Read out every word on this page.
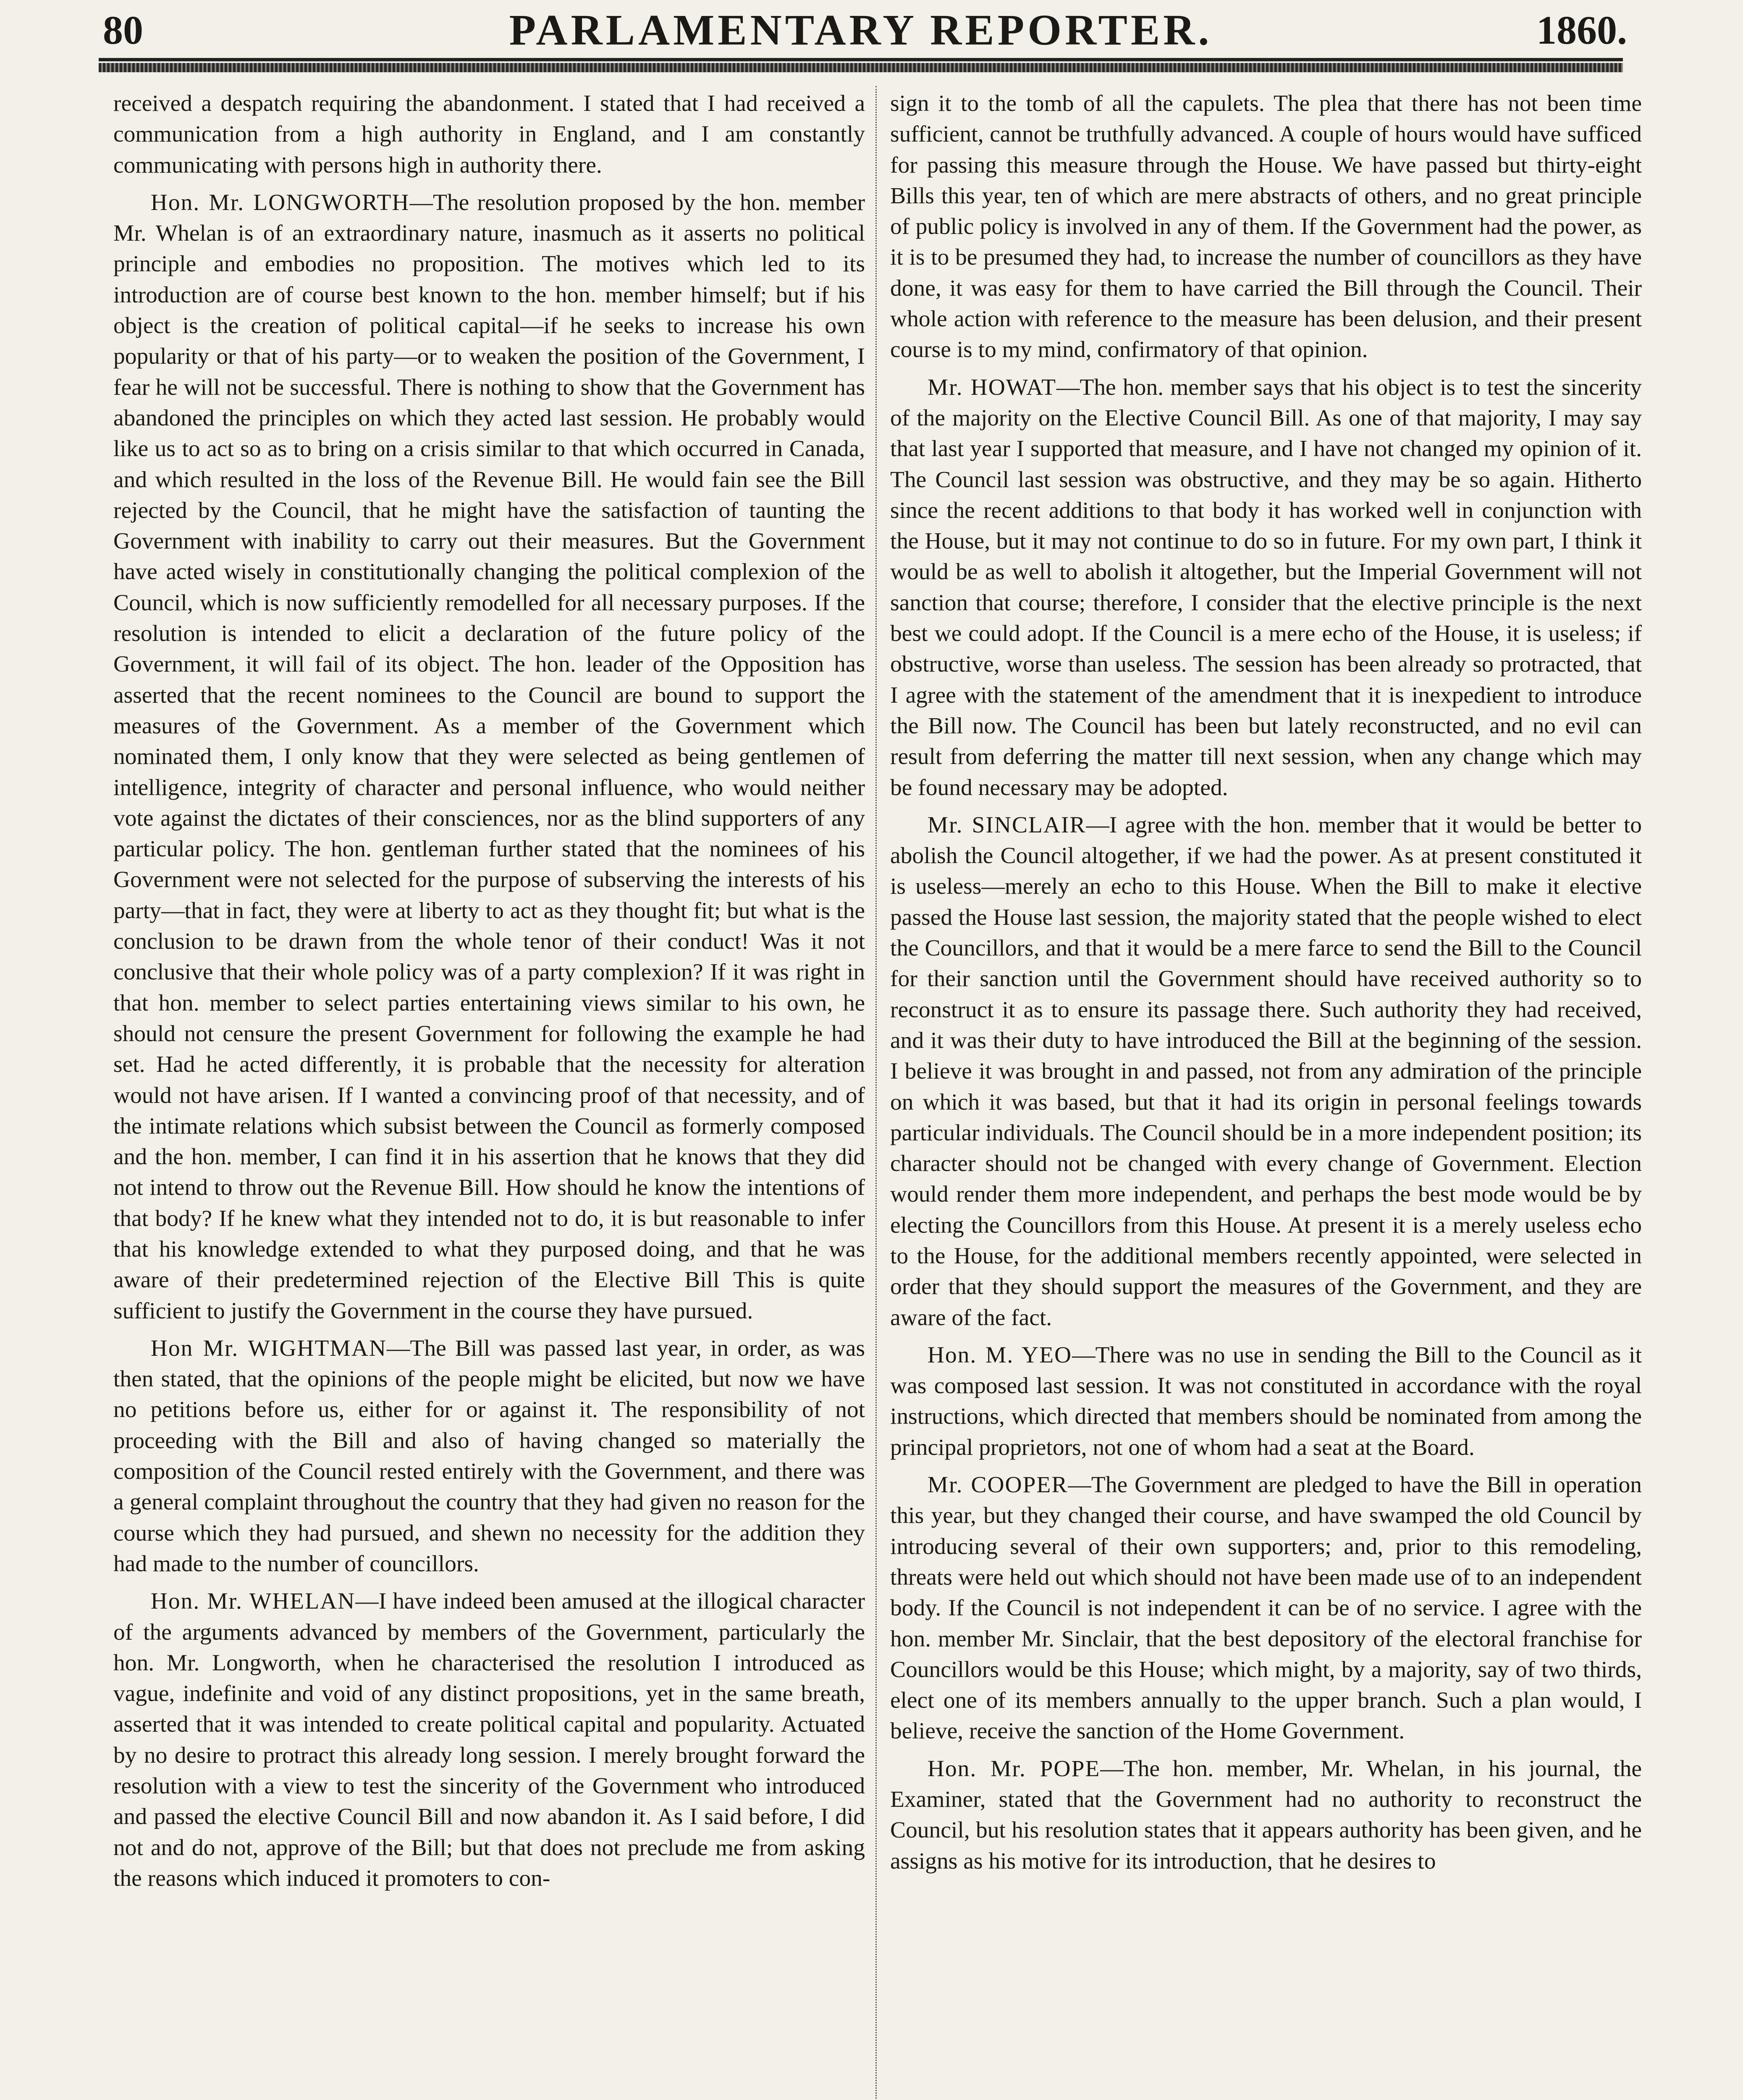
80	PARLAMENTARY REPORTER.	1860.

received a despatch requiring the abandonment. I stated that I had received a communication from a high authority in England, and I am constantly communicating with persons high in authority there.

Hon. Mr. LONGWORTH—The resolution proposed by the hon. member Mr. Whelan is of an extraordinary nature, inasmuch as it asserts no political principle and embodies no proposition. The motives which led to its introduction are of course best known to the hon. member himself; but if his object is the creation of political capital—if he seeks to increase his own popularity or that of his party—or to weaken the position of the Government, I fear he will not be successful. There is nothing to show that the Government has abandoned the principles on which they acted last session. He probably would like us to act so as to bring on a crisis similar to that which occurred in Canada, and which resulted in the loss of the Revenue Bill. He would fain see the Bill rejected by the Council, that he might have the satisfaction of taunting the Government with inability to carry out their measures. But the Government have acted wisely in constitutionally changing the political complexion of the Council, which is now sufficiently remodelled for all necessary purposes. If the resolution is intended to elicit a declaration of the future policy of the Government, it will fail of its object. The hon. leader of the Opposition has asserted that the recent nominees to the Council are bound to support the measures of the Government. As a member of the Government which nominated them, I only know that they were selected as being gentlemen of intelligence, integrity of character and personal influence, who would neither vote against the dictates of their consciences, nor as the blind supporters of any particular policy. The hon. gentleman further stated that the nominees of his Government were not selected for the purpose of subserving the interests of his party—that in fact, they were at liberty to act as they thought fit; but what is the conclusion to be drawn from the whole tenor of their conduct! Was it not conclusive that their whole policy was of a party complexion? If it was right in that hon. member to select parties entertaining views similar to his own, he should not censure the present Government for following the example he had set. Had he acted differently, it is probable that the necessity for alteration would not have arisen. If I wanted a convincing proof of that necessity, and of the intimate relations which subsist between the Council as formerly composed and the hon. member, I can find it in his assertion that he knows that they did not intend to throw out the Revenue Bill. How should he know the intentions of that body? If he knew what they intended not to do, it is but reasonable to infer that his knowledge extended to what they purposed doing, and that he was aware of their predetermined rejection of the Elective Bill This is quite sufficient to justify the Government in the course they have pursued.

Hon Mr. WIGHTMAN—The Bill was passed last year, in order, as was then stated, that the opinions of the people might be elicited, but now we have no petitions before us, either for or against it. The responsibility of not proceeding with the Bill and also of having changed so materially the composition of the Council rested entirely with the Government, and there was a general complaint throughout the country that they had given no reason for the course which they had pursued, and shewn no necessity for the addition they had made to the number of councillors.

Hon. Mr. WHELAN—I have indeed been amused at the illogical character of the arguments advanced by members of the Government, particularly the hon. Mr. Longworth, when he characterised the resolution I introduced as vague, indefinite and void of any distinct propositions, yet in the same breath, asserted that it was intended to create political capital and popularity. Actuated by no desire to protract this already long session. I merely brought forward the resolution with a view to test the sincerity of the Government who introduced and passed the elective Council Bill and now abandon it. As I said before, I did not and do not, approve of the Bill; but that does not preclude me from asking the reasons which induced it promoters to con-

sign it to the tomb of all the capulets. The plea that there has not been time sufficient, cannot be truthfully advanced. A couple of hours would have sufficed for passing this measure through the House. We have passed but thirty-eight Bills this year, ten of which are mere abstracts of others, and no great principle of public policy is involved in any of them. If the Government had the power, as it is to be presumed they had, to increase the number of councillors as they have done, it was easy for them to have carried the Bill through the Council. Their whole action with reference to the measure has been delusion, and their present course is to my mind, confirmatory of that opinion.

Mr. HOWAT—The hon. member says that his object is to test the sincerity of the majority on the Elective Council Bill. As one of that majority, I may say that last year I supported that measure, and I have not changed my opinion of it. The Council last session was obstructive, and they may be so again. Hitherto since the recent additions to that body it has worked well in conjunction with the House, but it may not continue to do so in future. For my own part, I think it would be as well to abolish it altogether, but the Imperial Government will not sanction that course; therefore, I consider that the elective principle is the next best we could adopt. If the Council is a mere echo of the House, it is useless; if obstructive, worse than useless. The session has been already so protracted, that I agree with the statement of the amendment that it is inexpedient to introduce the Bill now. The Council has been but lately reconstructed, and no evil can result from deferring the matter till next session, when any change which may be found necessary may be adopted.

Mr. SINCLAIR—I agree with the hon. member that it would be better to abolish the Council altogether, if we had the power. As at present constituted it is useless—merely an echo to this House. When the Bill to make it elective passed the House last session, the majority stated that the people wished to elect the Councillors, and that it would be a mere farce to send the Bill to the Council for their sanction until the Government should have received authority so to reconstruct it as to ensure its passage there. Such authority they had received, and it was their duty to have introduced the Bill at the beginning of the session. I believe it was brought in and passed, not from any admiration of the principle on which it was based, but that it had its origin in personal feelings towards particular individuals. The Council should be in a more independent position; its character should not be changed with every change of Government. Election would render them more independent, and perhaps the best mode would be by electing the Councillors from this House. At present it is a merely useless echo to the House, for the additional members recently appointed, were selected in order that they should support the measures of the Government, and they are aware of the fact.

Hon. M. YEO—There was no use in sending the Bill to the Council as it was composed last session. It was not constituted in accordance with the royal instructions, which directed that members should be nominated from among the principal proprietors, not one of whom had a seat at the Board.

Mr. COOPER—The Government are pledged to have the Bill in operation this year, but they changed their course, and have swamped the old Council by introducing several of their own supporters; and, prior to this remodeling, threats were held out which should not have been made use of to an independent body. If the Council is not independent it can be of no service. I agree with the hon. member Mr. Sinclair, that the best depository of the electoral franchise for Councillors would be this House; which might, by a majority, say of two thirds, elect one of its members annually to the upper branch. Such a plan would, I believe, receive the sanction of the Home Government.

Hon. Mr. POPE—The hon. member, Mr. Whelan, in his journal, the Examiner, stated that the Government had no authority to reconstruct the Council, but his resolution states that it appears authority has been given, and he assigns as his motive for its introduction, that he desires to
